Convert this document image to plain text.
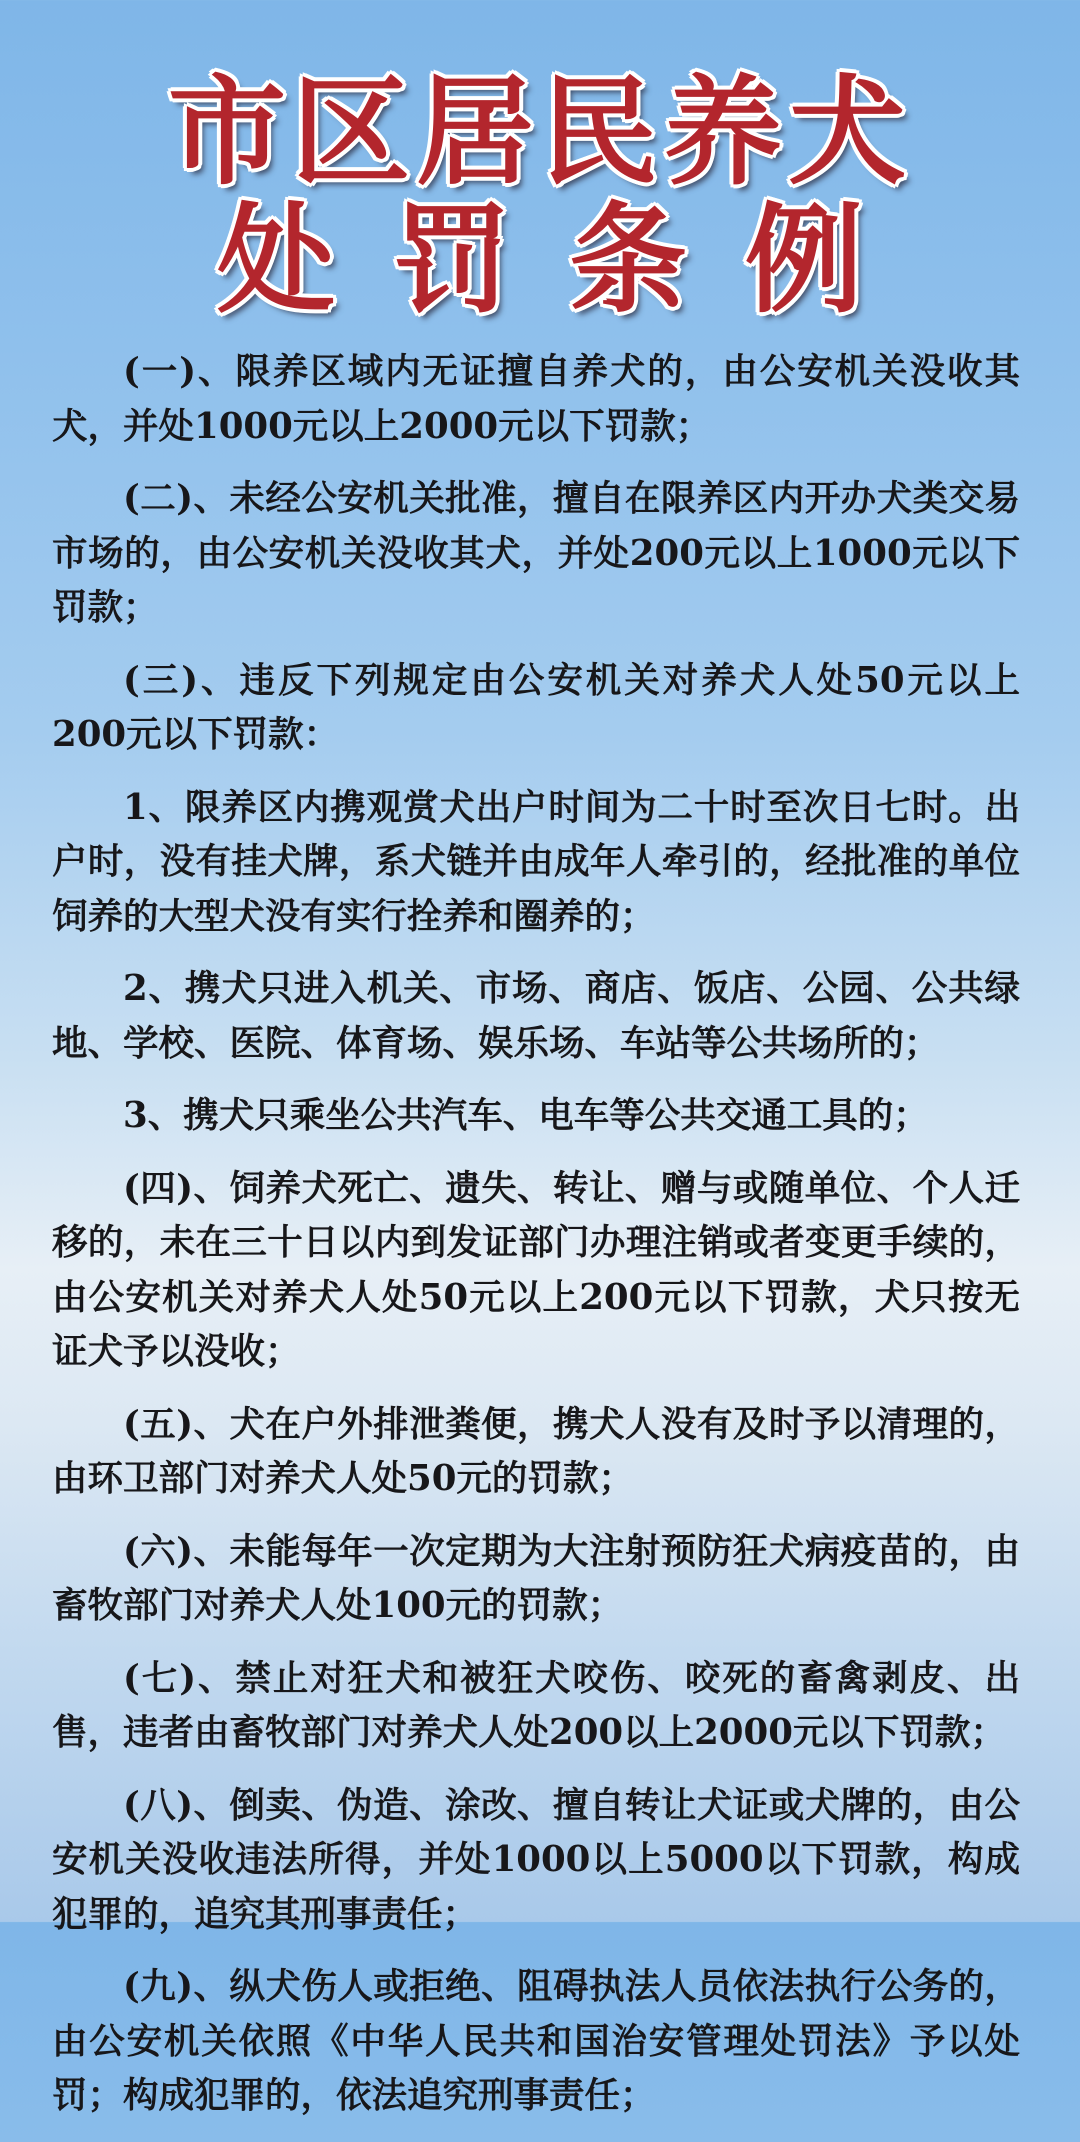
市区居民养犬
处罚条例

(一)、限养区域内无证擅自养犬的，由公安机关没收其犬，并处1000元以上2000元以下罚款；

(二)、未经公安机关批准，擅自在限养区内开办犬类交易市场的，由公安机关没收其犬，并处200元以上1000元以下罚款；

(三)、违反下列规定由公安机关对养犬人处50元以上200元以下罚款：

1、限养区内携观赏犬出户时间为二十时至次日七时。出户时，没有挂犬牌，系犬链并由成年人牵引的，经批准的单位饲养的大型犬没有实行拴养和圈养的；

2、携犬只进入机关、市场、商店、饭店、公园、公共绿地、学校、医院、体育场、娱乐场、车站等公共场所的；

3、携犬只乘坐公共汽车、电车等公共交通工具的；

(四)、饲养犬死亡、遗失、转让、赠与或随单位、个人迁移的，未在三十日以内到发证部门办理注销或者变更手续的，由公安机关对养犬人处50元以上200元以下罚款，犬只按无证犬予以没收；

(五)、犬在户外排泄粪便，携犬人没有及时予以清理的，由环卫部门对养犬人处50元的罚款；

(六)、未能每年一次定期为大注射预防狂犬病疫苗的，由畜牧部门对养犬人处100元的罚款；

(七)、禁止对狂犬和被狂犬咬伤、咬死的畜禽剥皮、出售，违者由畜牧部门对养犬人处200以上2000元以下罚款；

(八)、倒卖、伪造、涂改、擅自转让犬证或犬牌的，由公安机关没收违法所得，并处1000以上5000以下罚款，构成犯罪的，追究其刑事责任；

(九)、纵犬伤人或拒绝、阻碍执法人员依法执行公务的，由公安机关依照《中华人民共和国治安管理处罚法》予以处罚；构成犯罪的，依法追究刑事责任；
